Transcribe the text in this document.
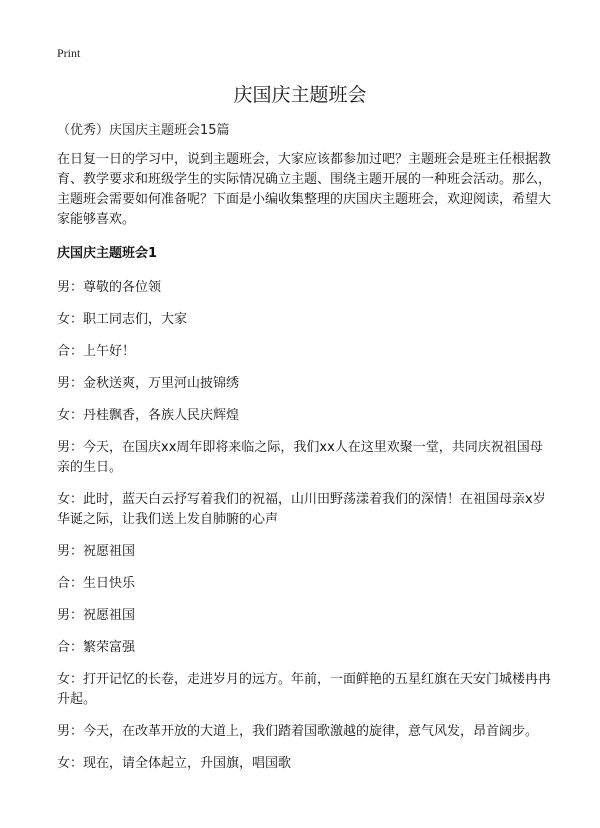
Print
庆国庆主题班会
（优秀）庆国庆主题班会15篇

在日复一日的学习中，说到主题班会，大家应该都参加过吧？主题班会是班主任根据教育、教学要求和班级学生的实际情况确立主题、围绕主题开展的一种班会活动。那么，主题班会需要如何准备呢？下面是小编收集整理的庆国庆主题班会，欢迎阅读，希望大家能够喜欢。

庆国庆主题班会1

男：尊敬的各位领

女：职工同志们，大家

合：上午好！

男：金秋送爽，万里河山披锦绣

女：丹桂飘香，各族人民庆辉煌

男：今天，在国庆xx周年即将来临之际，我们xx人在这里欢聚一堂，共同庆祝祖国母亲的生日。

女：此时，蓝天白云抒写着我们的祝福，山川田野荡漾着我们的深情！在祖国母亲x岁华诞之际，让我们送上发自肺腑的心声

男：祝愿祖国

合：生日快乐

男：祝愿祖国

合：繁荣富强

女：打开记忆的长卷，走进岁月的远方。年前，一面鲜艳的五星红旗在天安门城楼冉冉升起。

男：今天，在改革开放的大道上，我们踏着国歌激越的旋律，意气风发，昂首阔步。

女：现在，请全体起立，升国旗，唱国歌
